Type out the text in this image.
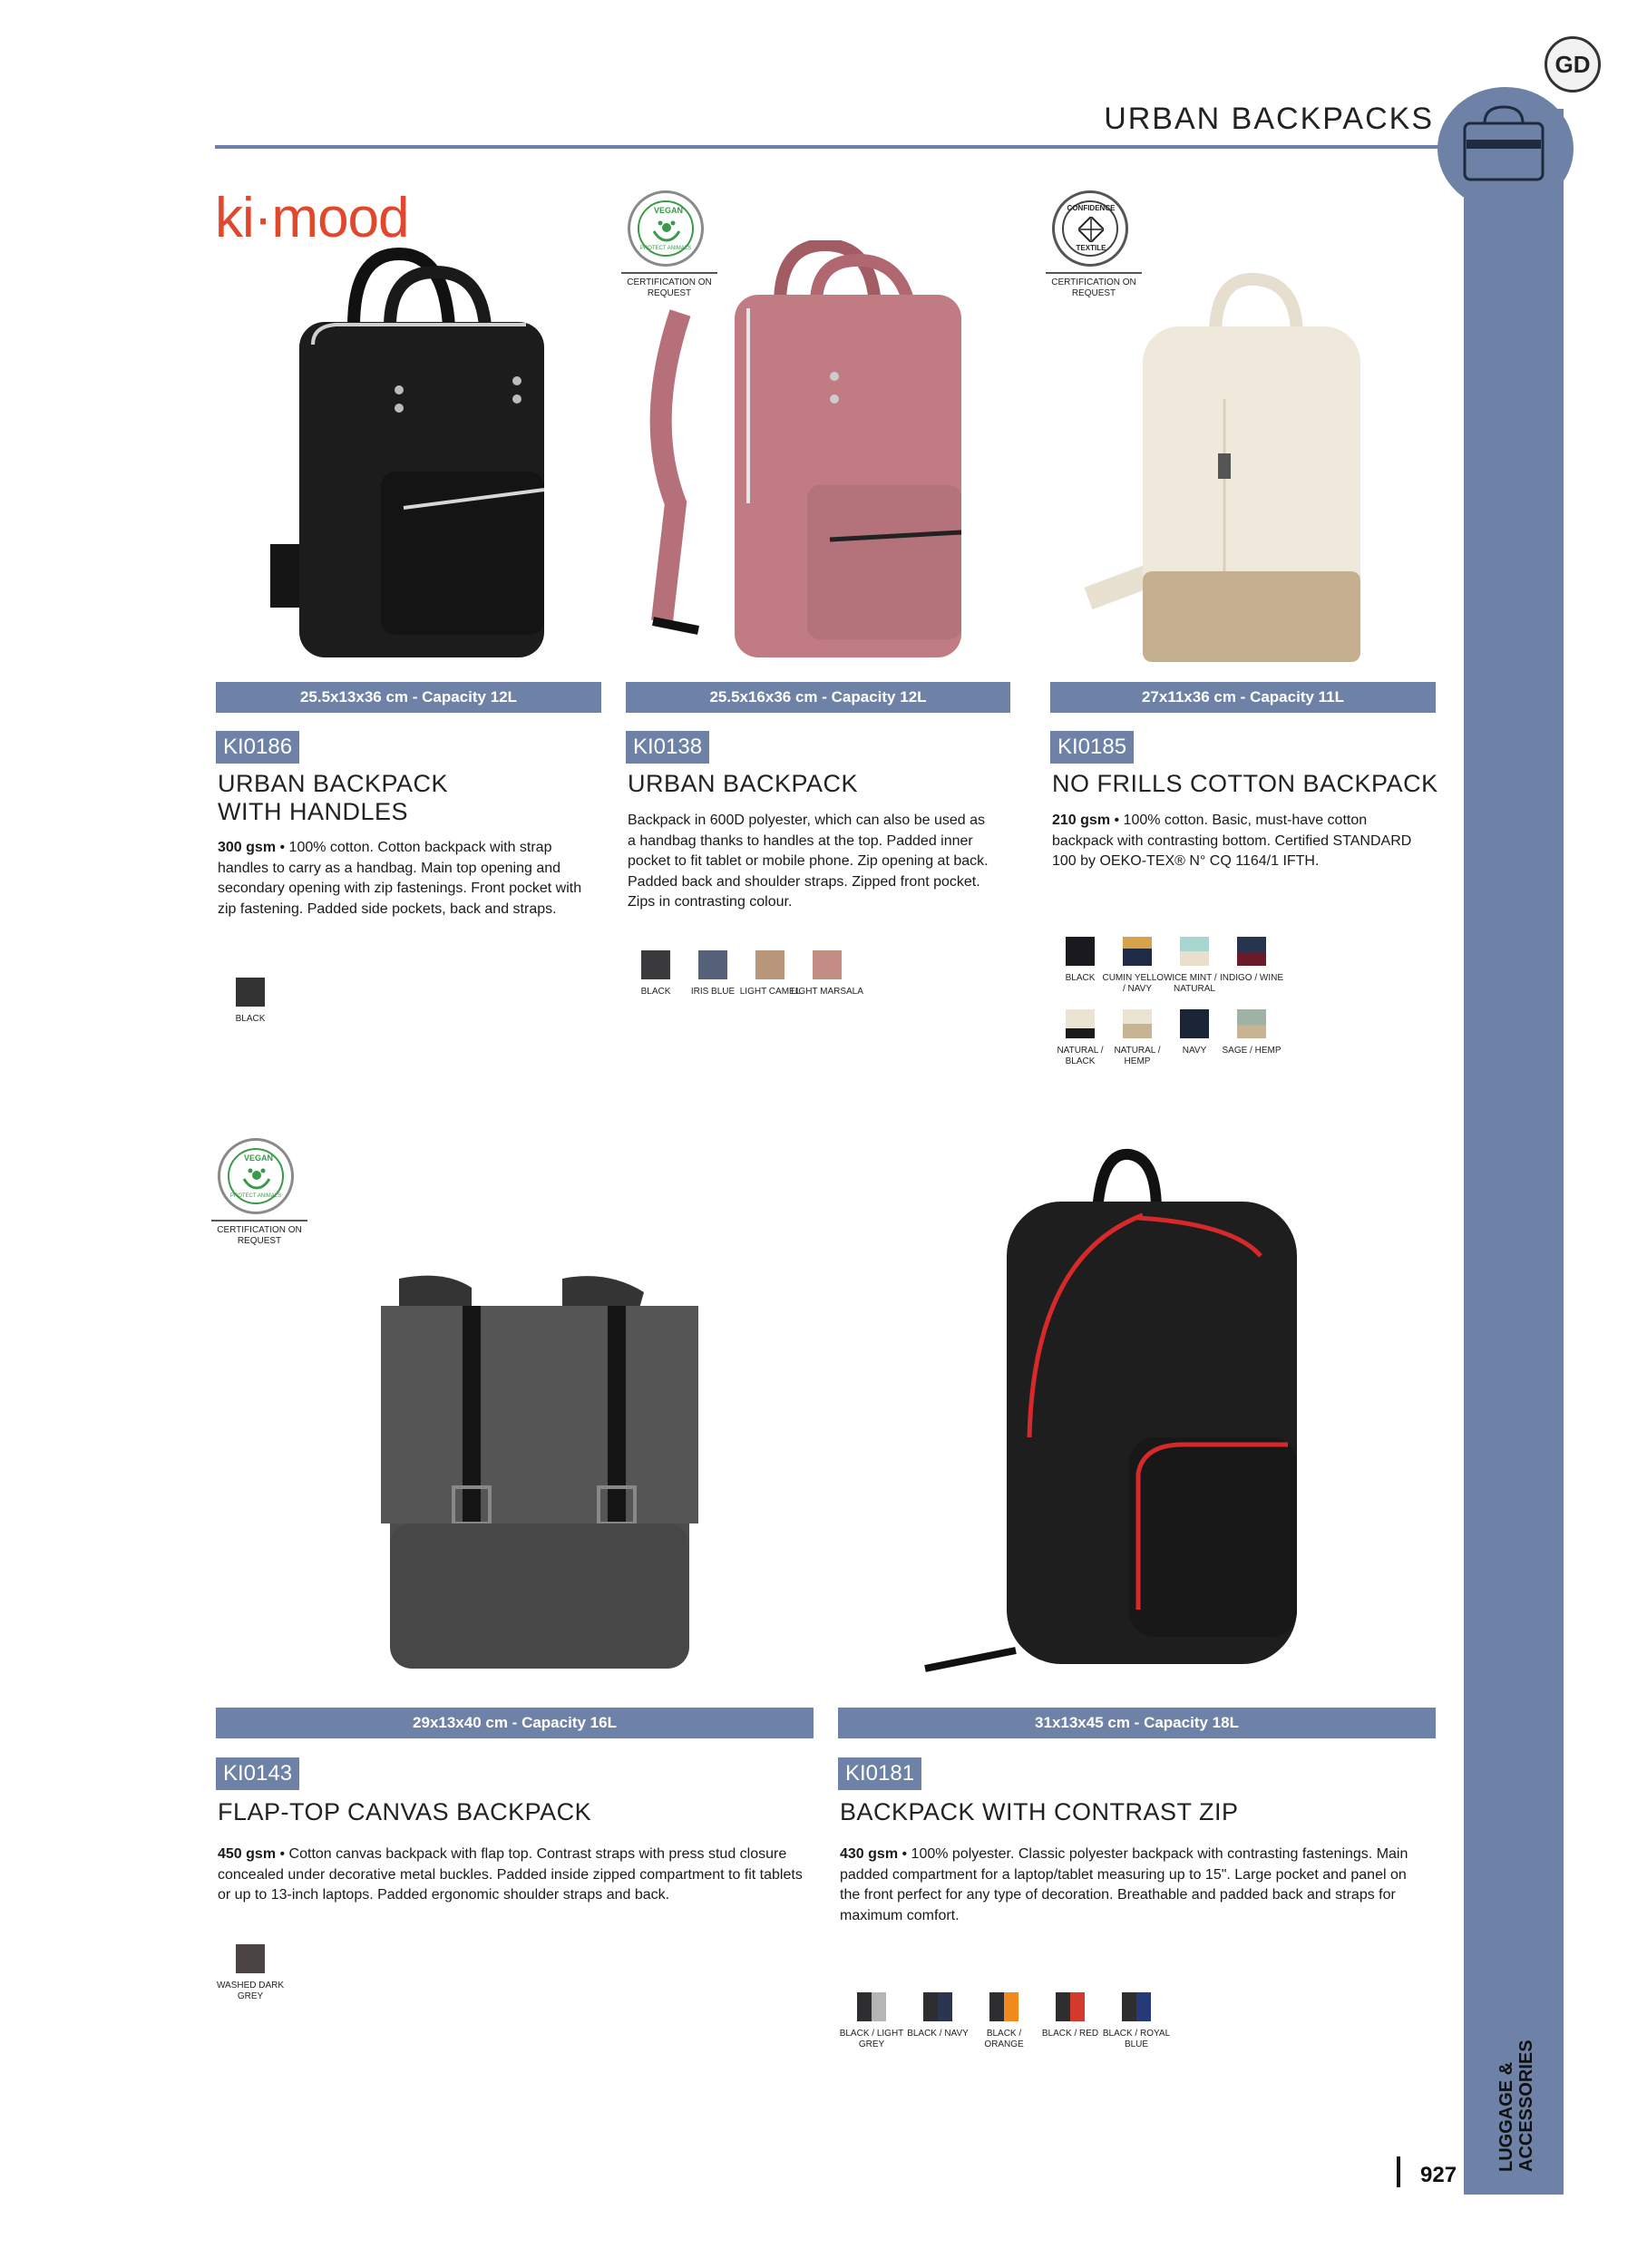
URBAN BACKPACKS
GD
LUGGAGE & ACCESSORIES
927
ki·mood	VEGAN
PROTECT ANIMALS
CERTIFICATION ON
REQUEST
CONFIDENCE
TEXTILE
CERTIFICATION ON
REQUEST
VEGAN
PROTECT ANIMALS
CERTIFICATION ON
REQUEST
25.5x13x36 cm - Capacity 12L
KI0186
URBAN BACKPACK
WITH HANDLES
300 gsm • 100% cotton. Cotton backpack with strap handles to carry as a handbag. Main top opening and secondary opening with zip fastenings. Front pocket with zip fastening. Padded side pockets, back and straps.
BLACK
25.5x16x36 cm - Capacity 12L
KI0138
URBAN BACKPACK
Backpack in 600D polyester, which can also be used as a handbag thanks to handles at the top. Padded inner pocket to fit tablet or mobile phone. Zip opening at back. Padded back and shoulder straps. Zipped front pocket. Zips in contrasting colour.
BLACK	IRIS BLUE LIGHT CAMEL
LIGHT MARSALA
27x11x36 cm - Capacity 11L
KI0185
NO FRILLS COTTON BACKPACK
210 gsm • 100% cotton. Basic, must-have cotton backpack with contrasting bottom. Certified STANDARD 100 by OEKO-TEX® N° CQ 1164/1 IFTH.
BLACK CUMIN YELLOW / NAVY
ICE MINT / NATURAL
INDIGO / WINE
NATURAL / BLACK
NATURAL / HEMP
NAVY	SAGE / HEMP
29x13x40 cm - Capacity 16L
KI0143
FLAP-TOP CANVAS BACKPACK
450 gsm • Cotton canvas backpack with flap top. Contrast straps with press stud closure concealed under decorative metal buckles. Padded inside zipped compartment to fit tablets or up to 13-inch laptops. Padded ergonomic shoulder straps and back.
WASHED DARK GREY
31x13x45 cm - Capacity 18L
KI0181
BACKPACK WITH CONTRAST ZIP
430 gsm • 100% polyester. Classic polyester backpack with contrasting fastenings. Main padded compartment for a laptop/tablet measuring up to 15". Large pocket and panel on the front perfect for any type of decoration. Breathable and padded back and straps for maximum comfort.
BLACK / LIGHT GREY
BLACK / NAVY	BLACK / ORANGE
BLACK / RED BLACK / ROYAL BLUE
